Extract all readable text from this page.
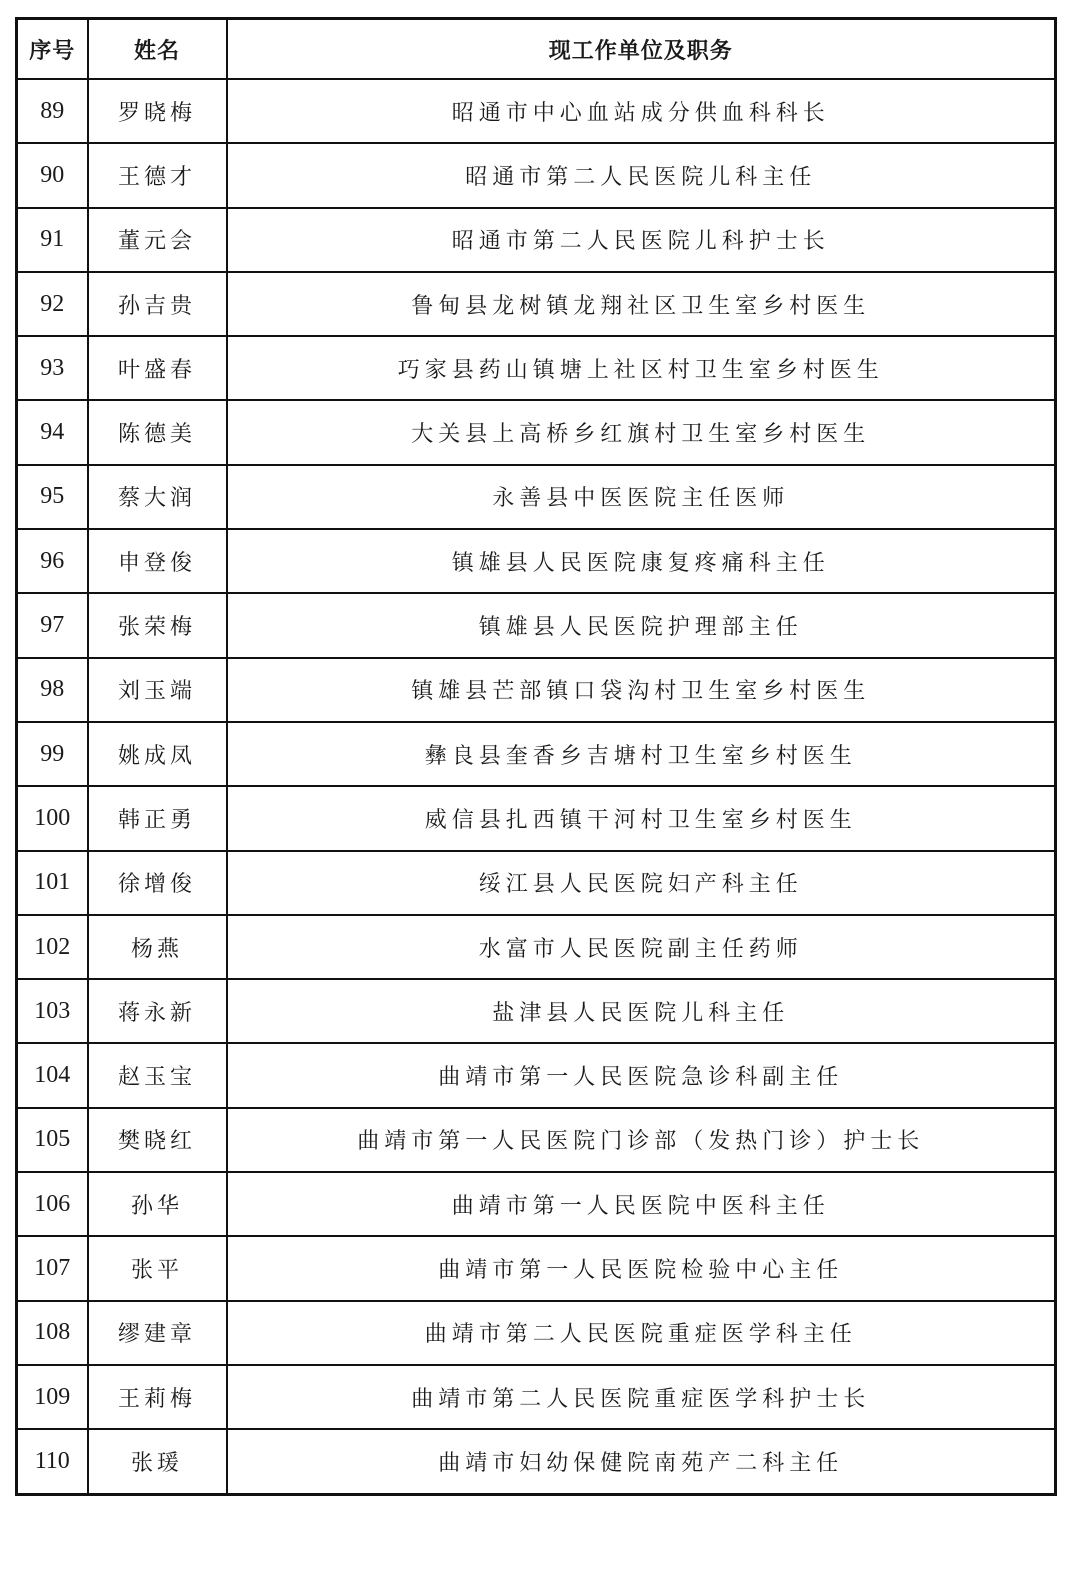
序号	姓名	现工作单位及职务
89	罗晓梅	昭通市中心血站成分供血科科长
90	王德才	昭通市第二人民医院儿科主任
91	董元会	昭通市第二人民医院儿科护士长
92	孙吉贵	鲁甸县龙树镇龙翔社区卫生室乡村医生
93	叶盛春	巧家县药山镇塘上社区村卫生室乡村医生
94	陈德美	大关县上高桥乡红旗村卫生室乡村医生
95	蔡大润	永善县中医医院主任医师
96	申登俊	镇雄县人民医院康复疼痛科主任
97	张荣梅	镇雄县人民医院护理部主任
98	刘玉端	镇雄县芒部镇口袋沟村卫生室乡村医生
99	姚成凤	彝良县奎香乡吉塘村卫生室乡村医生
100	韩正勇	威信县扎西镇干河村卫生室乡村医生
101	徐增俊	绥江县人民医院妇产科主任
102	杨燕	水富市人民医院副主任药师
103	蒋永新	盐津县人民医院儿科主任
104	赵玉宝	曲靖市第一人民医院急诊科副主任
105	樊晓红	曲靖市第一人民医院门诊部（发热门诊）护士长
106	孙华	曲靖市第一人民医院中医科主任
107	张平	曲靖市第一人民医院检验中心主任
108	缪建章	曲靖市第二人民医院重症医学科主任
109	王莉梅	曲靖市第二人民医院重症医学科护士长
110	张瑗	曲靖市妇幼保健院南苑产二科主任
